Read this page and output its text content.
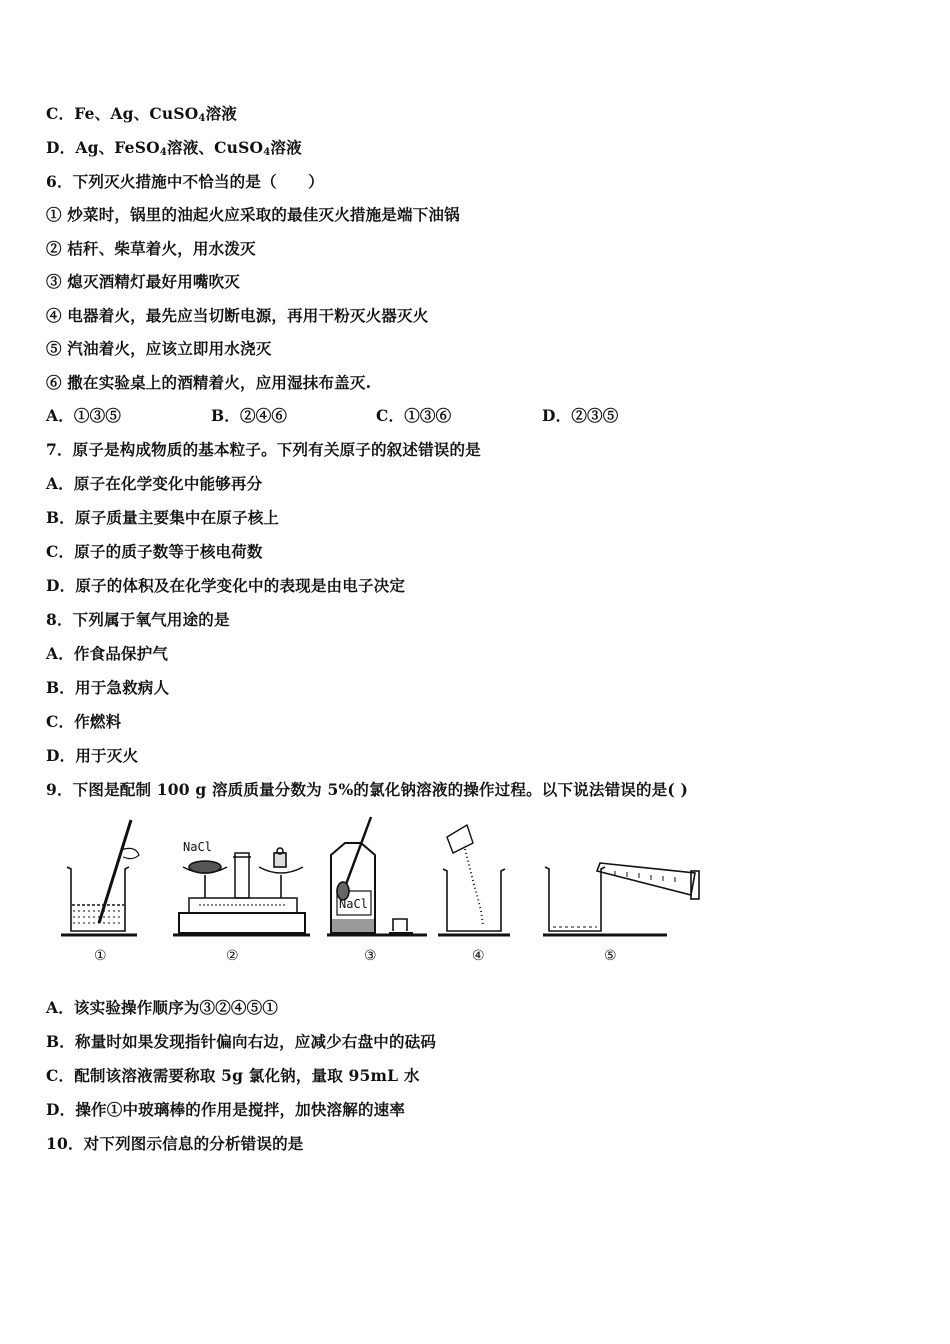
C．Fe、Ag、CuSO$_4$溶液
D．Ag、FeSO$_4$溶液、CuSO$_4$溶液
6．下列灭火措施中不恰当的是（　　）
① 炒菜时，锅里的油起火应采取的最佳灭火措施是端下油锅
② 桔秆、柴草着火，用水泼灭
③ 熄灭酒精灯最好用嘴吹灭
④ 电器着火，最先应当切断电源，再用干粉灭火器灭火
⑤ 汽油着火，应该立即用水浇灭
⑥ 撒在实验桌上的酒精着火，应用湿抹布盖灭.
A．①③⑤	B．②④⑥	C．①③⑥	D．②③⑤
7．原子是构成物质的基本粒子。下列有关原子的叙述错误的是
A．原子在化学变化中能够再分
B．原子质量主要集中在原子核上
C．原子的质子数等于核电荷数
D．原子的体积及在化学变化中的表现是由电子决定
8．下列属于氧气用途的是
A．作食品保护气
B．用于急救病人
C．作燃料
D．用于灭火
9．下图是配制 100 g 溶质质量分数为 5%的氯化钠溶液的操作过程。以下说法错误的是( )
NaCl
NaCl
①	②	③	④	⑤
A．该实验操作顺序为③②④⑤①
B．称量时如果发现指针偏向右边，应减少右盘中的砝码
C．配制该溶液需要称取 5g 氯化钠，量取 95mL 水
D．操作①中玻璃棒的作用是搅拌，加快溶解的速率
10．对下列图示信息的分析错误的是
